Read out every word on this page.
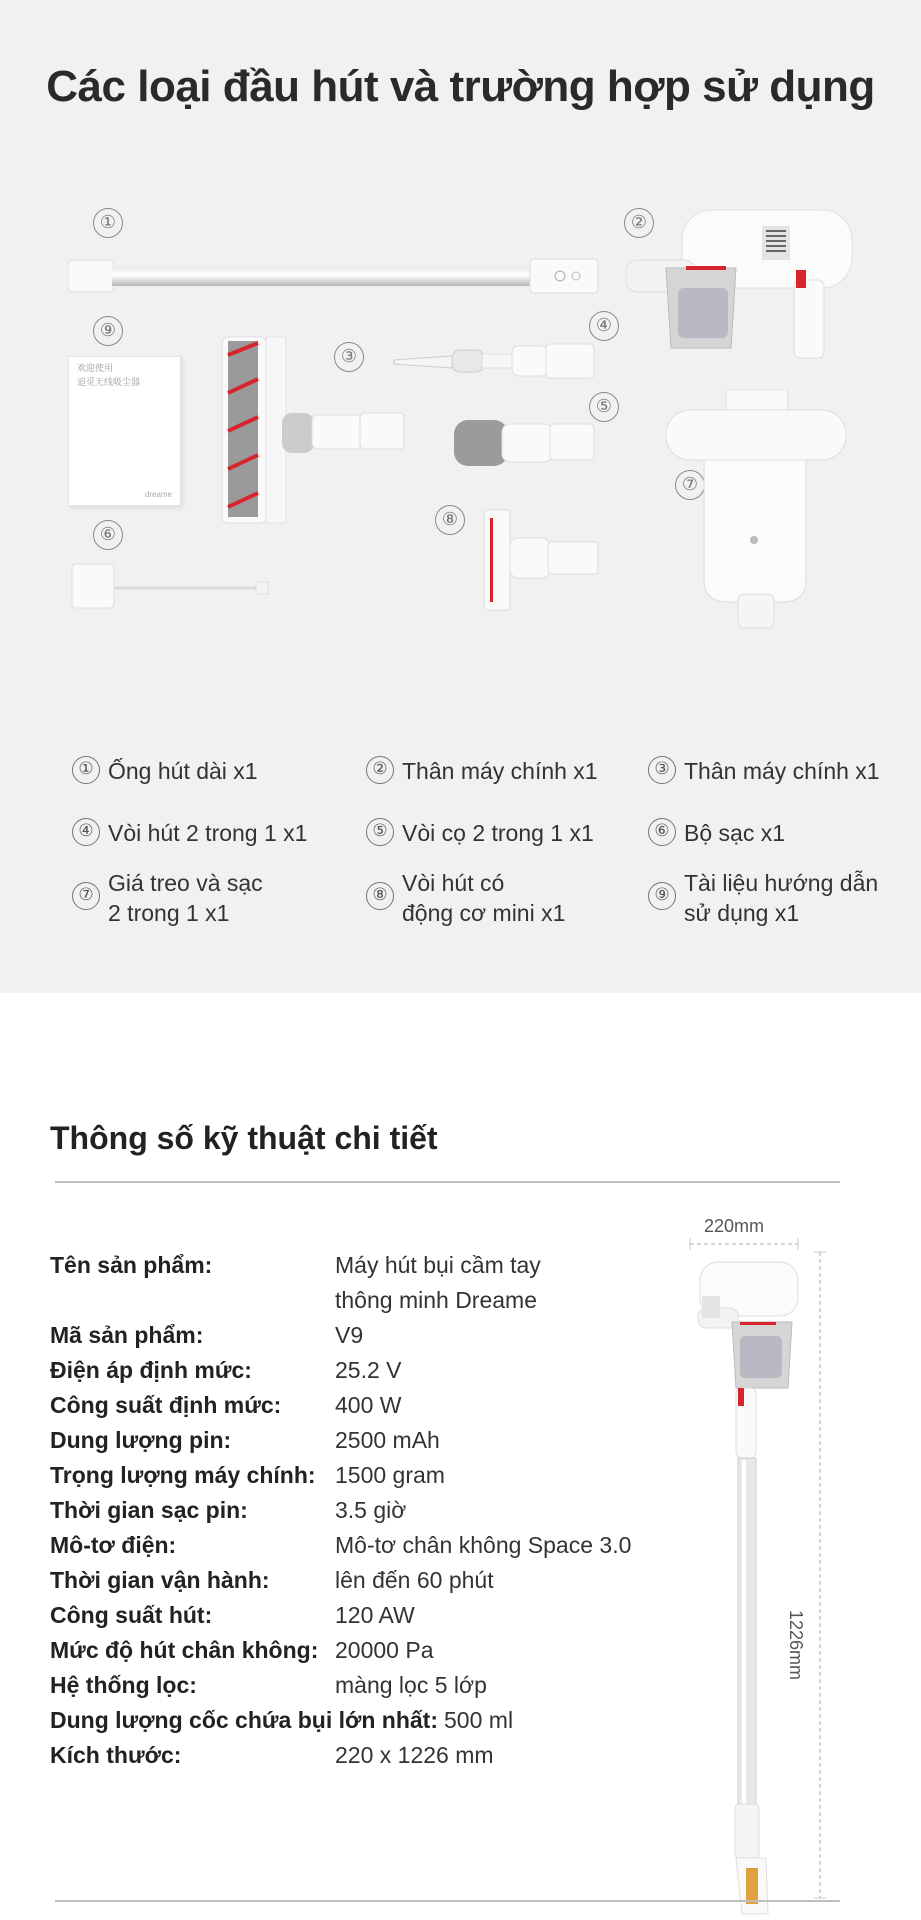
Các loại đầu hút và trường hợp sử dụng
①	②
⑨
③
④
⑤
⑦
⑧
⑥
欢迎使用
追觅无线吸尘器
dreame
① Ống hút dài x1	② Thân máy chính x1	③ Thân máy chính x1
④ Vòi hút 2 trong 1 x1	⑤ Vòi cọ 2 trong 1 x1	⑥ Bộ sạc x1
⑦ Giá treo và sạc
2 trong 1 x1
⑧ Vòi hút có
động cơ mini x1
⑨ Tài liệu hướng dẫn
sử dụng x1
Thông số kỹ thuật chi tiết
Tên sản phẩm:	Máy hút bụi cầm tay
thông minh Dreame
Mã sản phẩm:	V9
Điện áp định mức:	25.2 V
Công suất định mức:	400 W
Dung lượng pin:	2500 mAh
Trọng lượng máy chính: 1500 gram
Thời gian sạc pin:	3.5 giờ
Mô-tơ điện:	Mô-tơ chân không Space 3.0
Thời gian vận hành:	lên đến 60 phút
Công suất hút:	120 AW
Mức độ hút chân không: 20000 Pa
Hệ thống lọc:	màng lọc 5 lớp
Dung lượng cốc chứa bụi lớn nhất: 500 ml
Kích thước:	220 x 1226 mm
220mm
1226mm
